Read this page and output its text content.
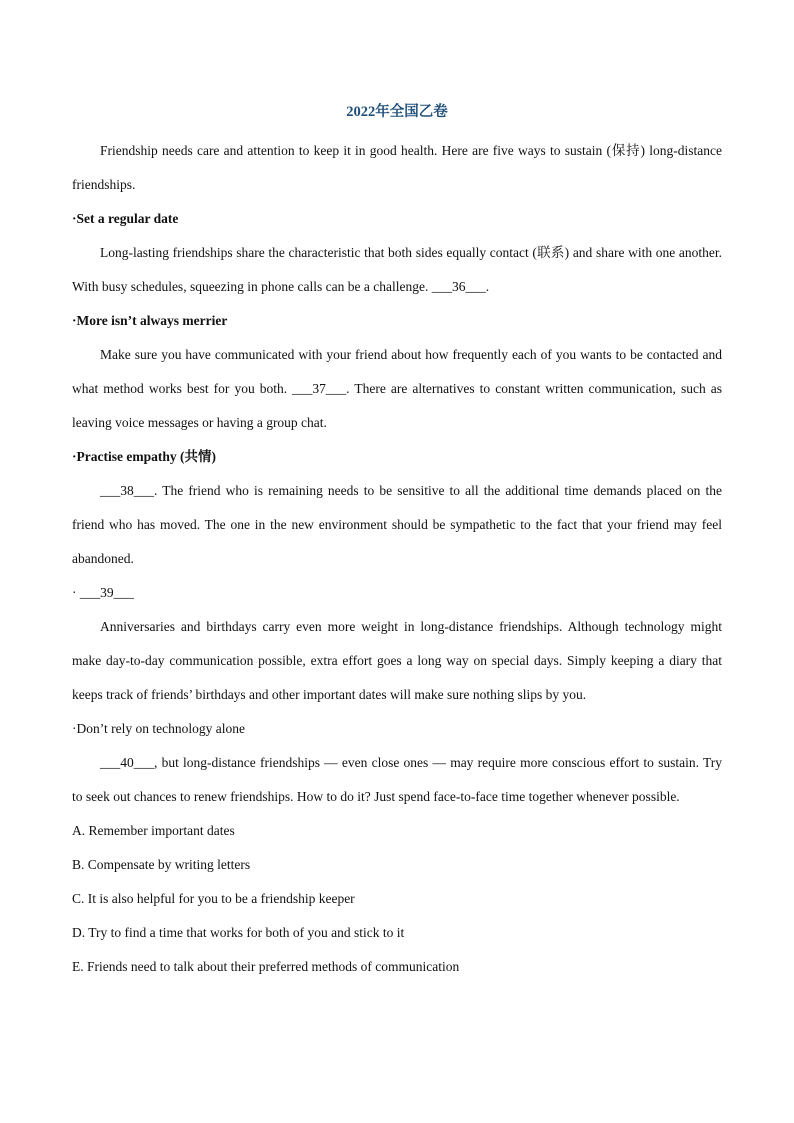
2022年全国乙卷

Friendship needs care and attention to keep it in good health. Here are five ways to sustain (保持) long-distance friendships.

·Set a regular date

Long-lasting friendships share the characteristic that both sides equally contact (联系) and share with one another. With busy schedules, squeezing in phone calls can be a challenge. ___36___.

·More isn’t always merrier

Make sure you have communicated with your friend about how frequently each of you wants to be contacted and what method works best for you both. ___37___. There are alternatives to constant written communication, such as leaving voice messages or having a group chat.

·Practise empathy (共情)

___38___. The friend who is remaining needs to be sensitive to all the additional time demands placed on the friend who has moved. The one in the new environment should be sympathetic to the fact that your friend may feel abandoned.

· ___39___

Anniversaries and birthdays carry even more weight in long-distance friendships. Although technology might make day-to-day communication possible, extra effort goes a long way on special days. Simply keeping a diary that keeps track of friends’ birthdays and other important dates will make sure nothing slips by you.

·Don’t rely on technology alone

___40___, but long-distance friendships — even close ones — may require more conscious effort to sustain. Try to seek out chances to renew friendships. How to do it? Just spend face-to-face time together whenever possible.

A. Remember important dates

B. Compensate by writing letters

C. It is also helpful for you to be a friendship keeper

D. Try to find a time that works for both of you and stick to it

E. Friends need to talk about their preferred methods of communication
